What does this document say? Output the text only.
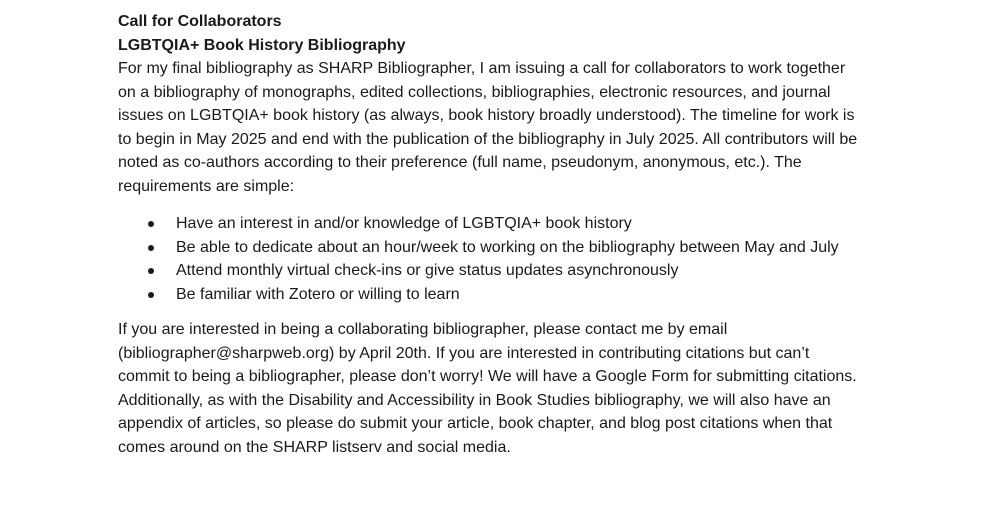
Call for Collaborators

LGBTQIA+ Book History Bibliography

For my final bibliography as SHARP Bibliographer, I am issuing a call for collaborators to work together on a bibliography of monographs, edited collections, bibliographies, electronic resources, and journal issues on LGBTQIA+ book history (as always, book history broadly understood). The timeline for work is to begin in May 2025 and end with the publication of the bibliography in July 2025. All contributors will be noted as co-authors according to their preference (full name, pseudonym, anonymous, etc.). The requirements are simple:

Have an interest in and/or knowledge of LGBTQIA+ book history
Be able to dedicate about an hour/week to working on the bibliography between May and July
Attend monthly virtual check-ins or give status updates asynchronously
Be familiar with Zotero or willing to learn

If you are interested in being a collaborating bibliographer, please contact me by email (bibliographer@sharpweb.org) by April 20th. If you are interested in contributing citations but can’t commit to being a bibliographer, please don’t worry! We will have a Google Form for submitting citations. Additionally, as with the Disability and Accessibility in Book Studies bibliography, we will also have an appendix of articles, so please do submit your article, book chapter, and blog post citations when that comes around on the SHARP listserv and social media.
